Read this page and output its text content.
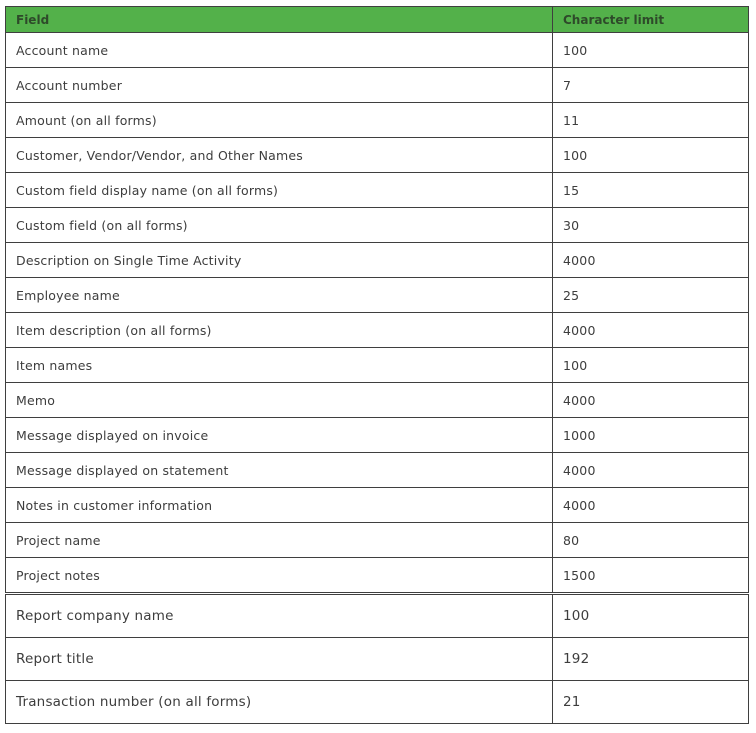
Field	Character limit
Account name	100
Account number	7
Amount (on all forms)	11
Customer, Vendor/Vendor, and Other Names	100
Custom field display name (on all forms)	15
Custom field (on all forms)	30
Description on Single Time Activity	4000
Employee name	25
Item description (on all forms)	4000
Item names	100
Memo	4000
Message displayed on invoice	1000
Message displayed on statement	4000
Notes in customer information	4000
Project name	80
Project notes	1500
Report company name	100
Report title	192
Transaction number (on all forms)	21
